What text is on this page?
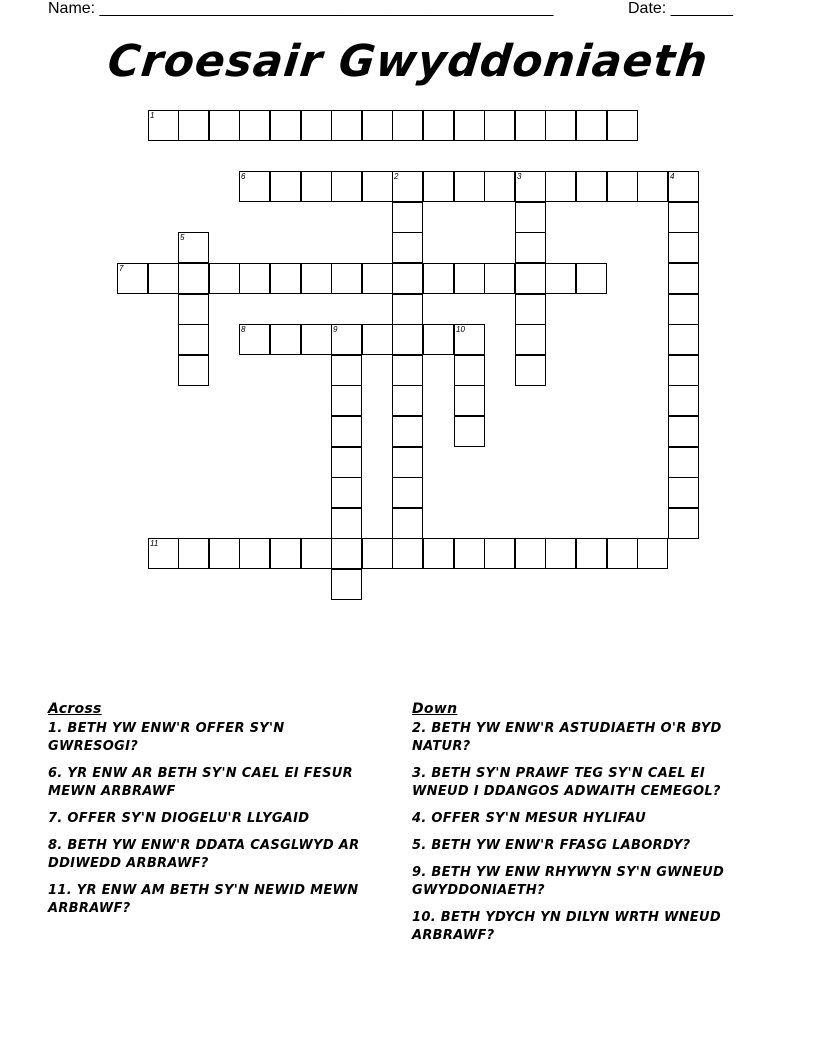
Name: ___________________________________________________	Date: _______
Croesair Gwyddoniaeth
1
6	2	3	4
7
8	9	10
11
5
Across

1. BETH YW ENW'R OFFER SY'N GWRESOGI?

6. YR ENW AR BETH SY'N CAEL EI FESUR MEWN ARBRAWF

7. OFFER SY'N DIOGELU'R LLYGAID

8. BETH YW ENW'R DDATA CASGLWYD AR DDIWEDD ARBRAWF?

11. YR ENW AM BETH SY'N NEWID MEWN ARBRAWF?

Down

2. BETH YW ENW'R ASTUDIAETH O'R BYD NATUR?

3. BETH SY'N PRAWF TEG SY'N CAEL EI WNEUD I DDANGOS ADWAITH CEMEGOL?

4. OFFER SY'N MESUR HYLIFAU

5. BETH YW ENW'R FFASG LABORDY?

9. BETH YW ENW RHYWYN SY'N GWNEUD GWYDDONIAETH?

10. BETH YDYCH YN DILYN WRTH WNEUD ARBRAWF?
